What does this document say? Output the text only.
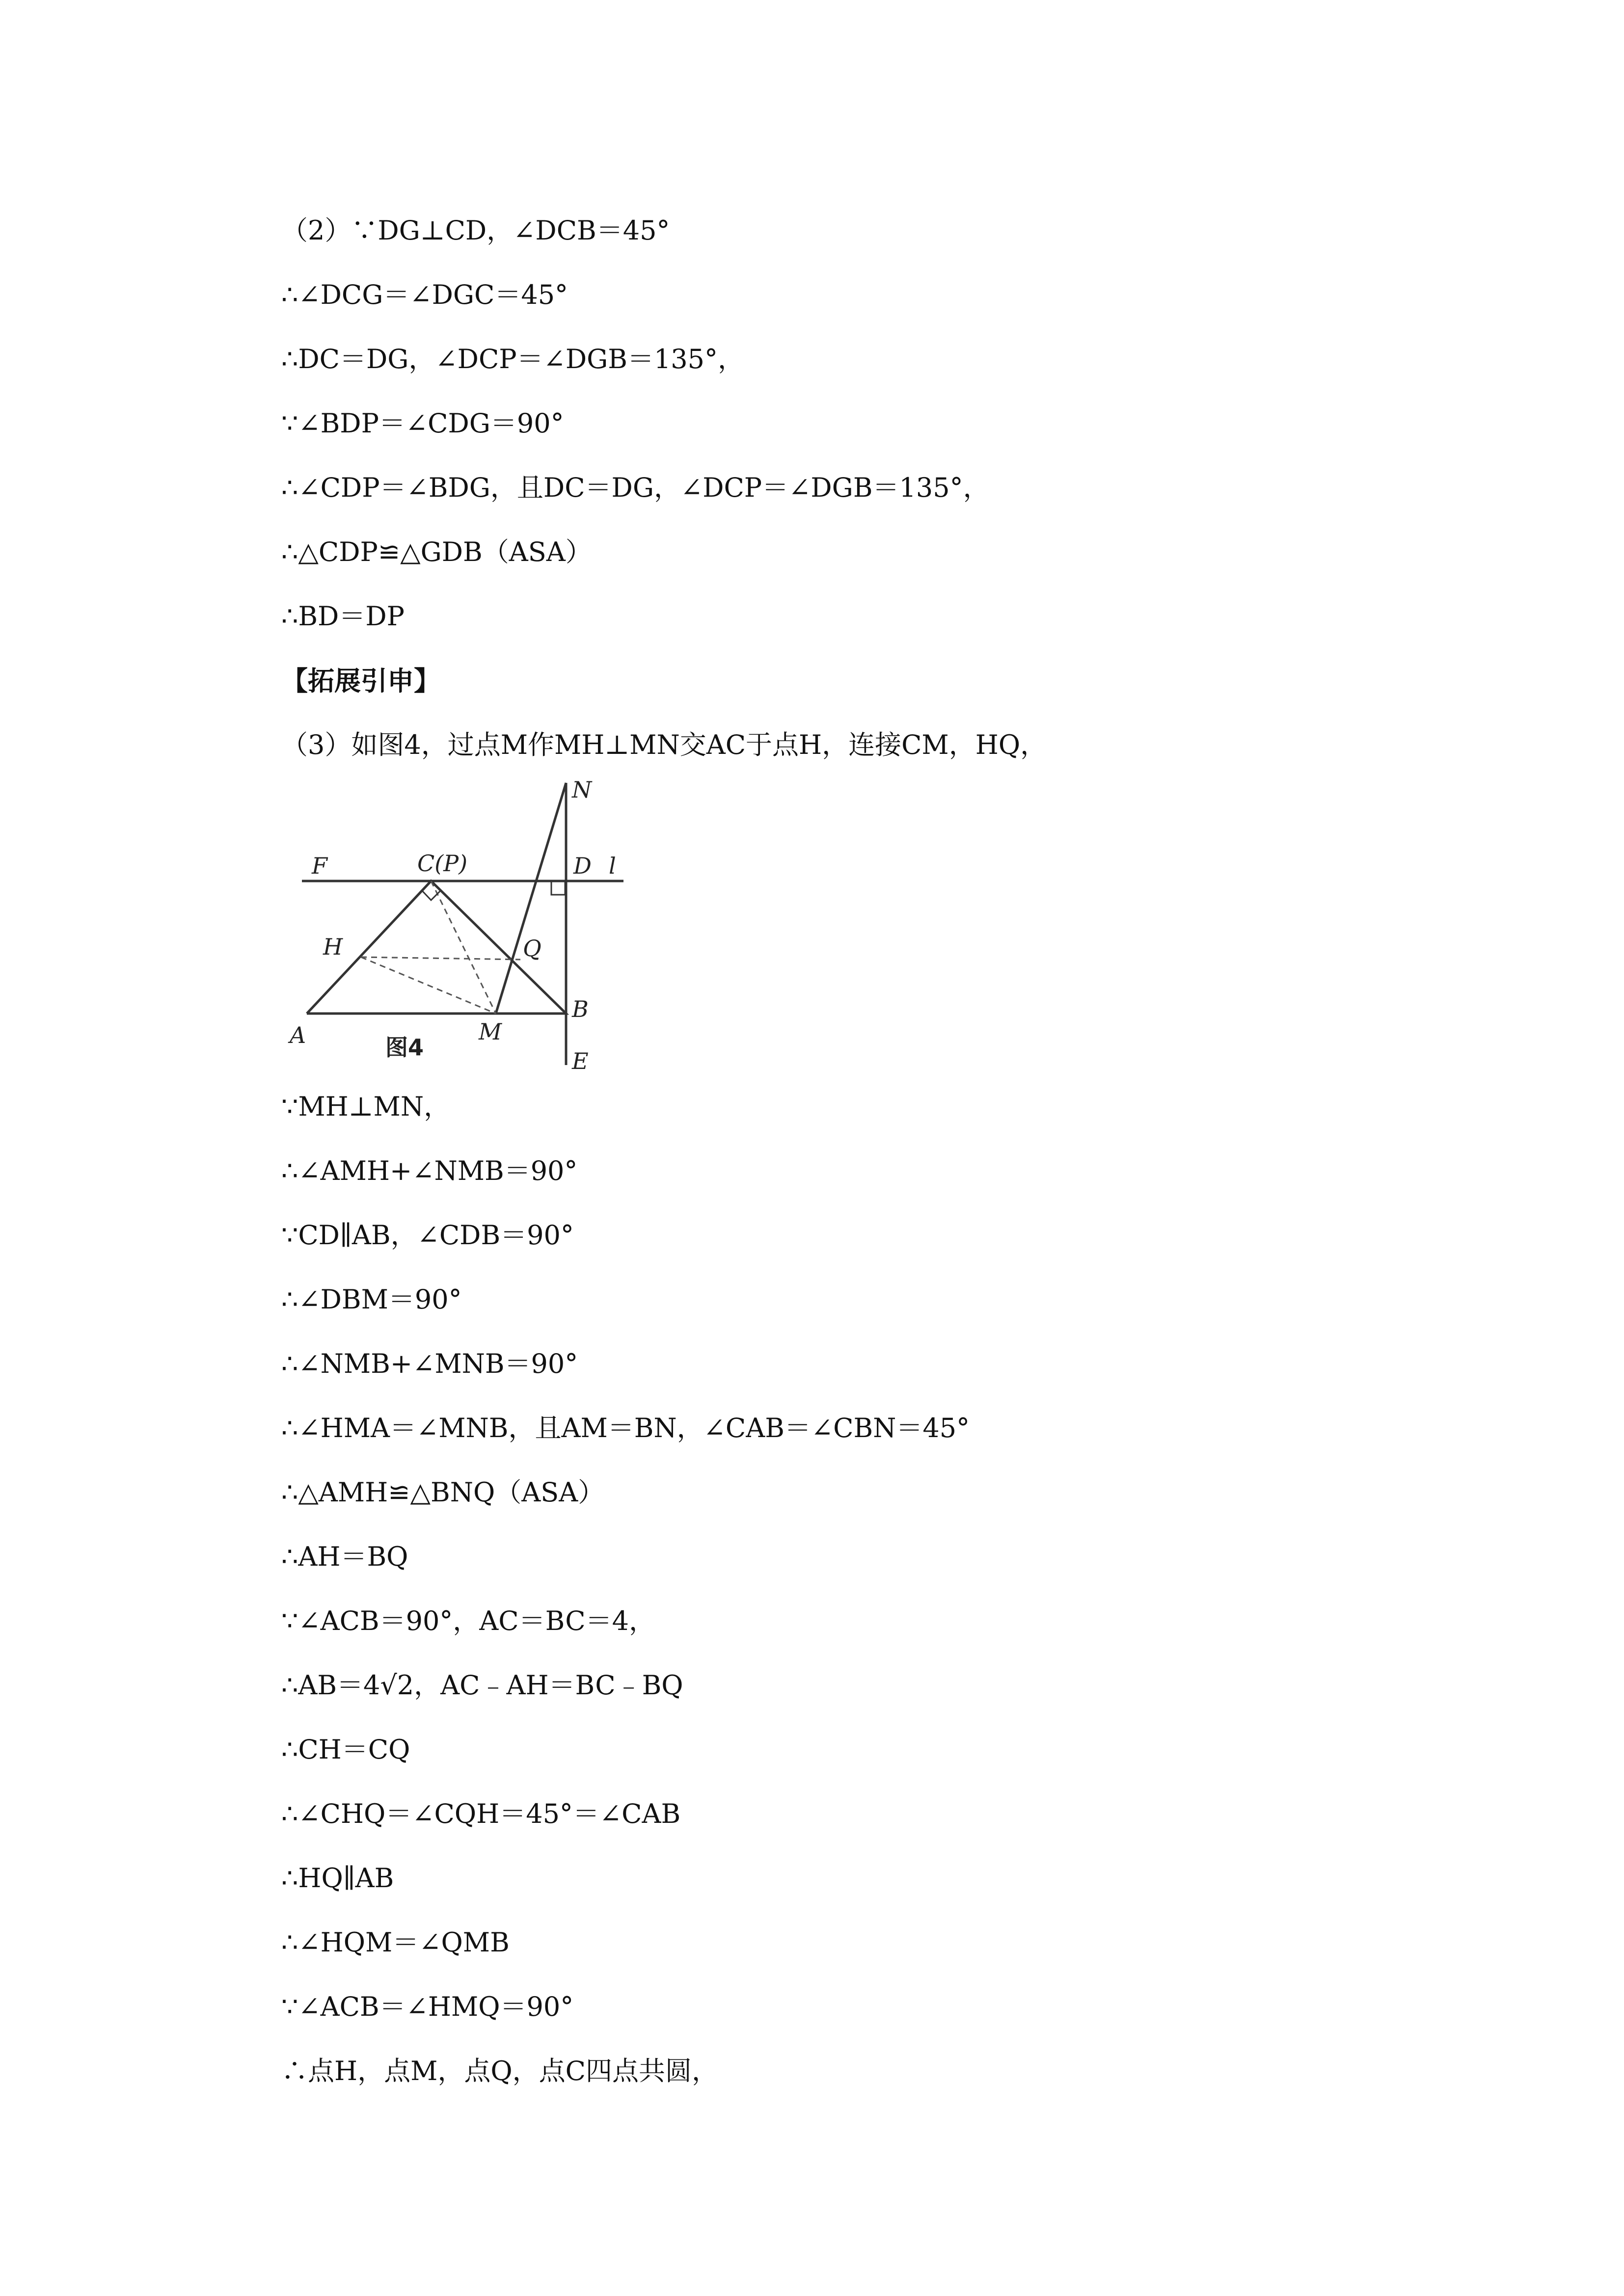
（2）∵DG⊥CD，∠DCB＝45°
∴∠DCG＝∠DGC＝45°
∴DC＝DG，∠DCP＝∠DGB＝135°，
∵∠BDP＝∠CDG＝90°
∴∠CDP＝∠BDG，且DC＝DG，∠DCP＝∠DGB＝135°，
∴△CDP≌△GDB（ASA）
∴BD＝DP
【拓展引申】
（3）如图4，过点M作MH⊥MN交AC于点H，连接CM，HQ，
F	C(P)	D l
N
H	Q
A	M
B
E
图4
∵MH⊥MN，
∴∠AMH+∠NMB＝90°
∵CD∥AB，∠CDB＝90°
∴∠DBM＝90°
∴∠NMB+∠MNB＝90°
∴∠HMA＝∠MNB，且AM＝BN，∠CAB＝∠CBN＝45°
∴△AMH≌△BNQ（ASA）
∴AH＝BQ
∵∠ACB＝90°，AC＝BC＝4，
∴AB＝4√2，AC﹣AH＝BC﹣BQ
∴CH＝CQ
∴∠CHQ＝∠CQH＝45°＝∠CAB
∴HQ∥AB
∴∠HQM＝∠QMB
∵∠ACB＝∠HMQ＝90°
∴点H，点M，点Q，点C四点共圆，
